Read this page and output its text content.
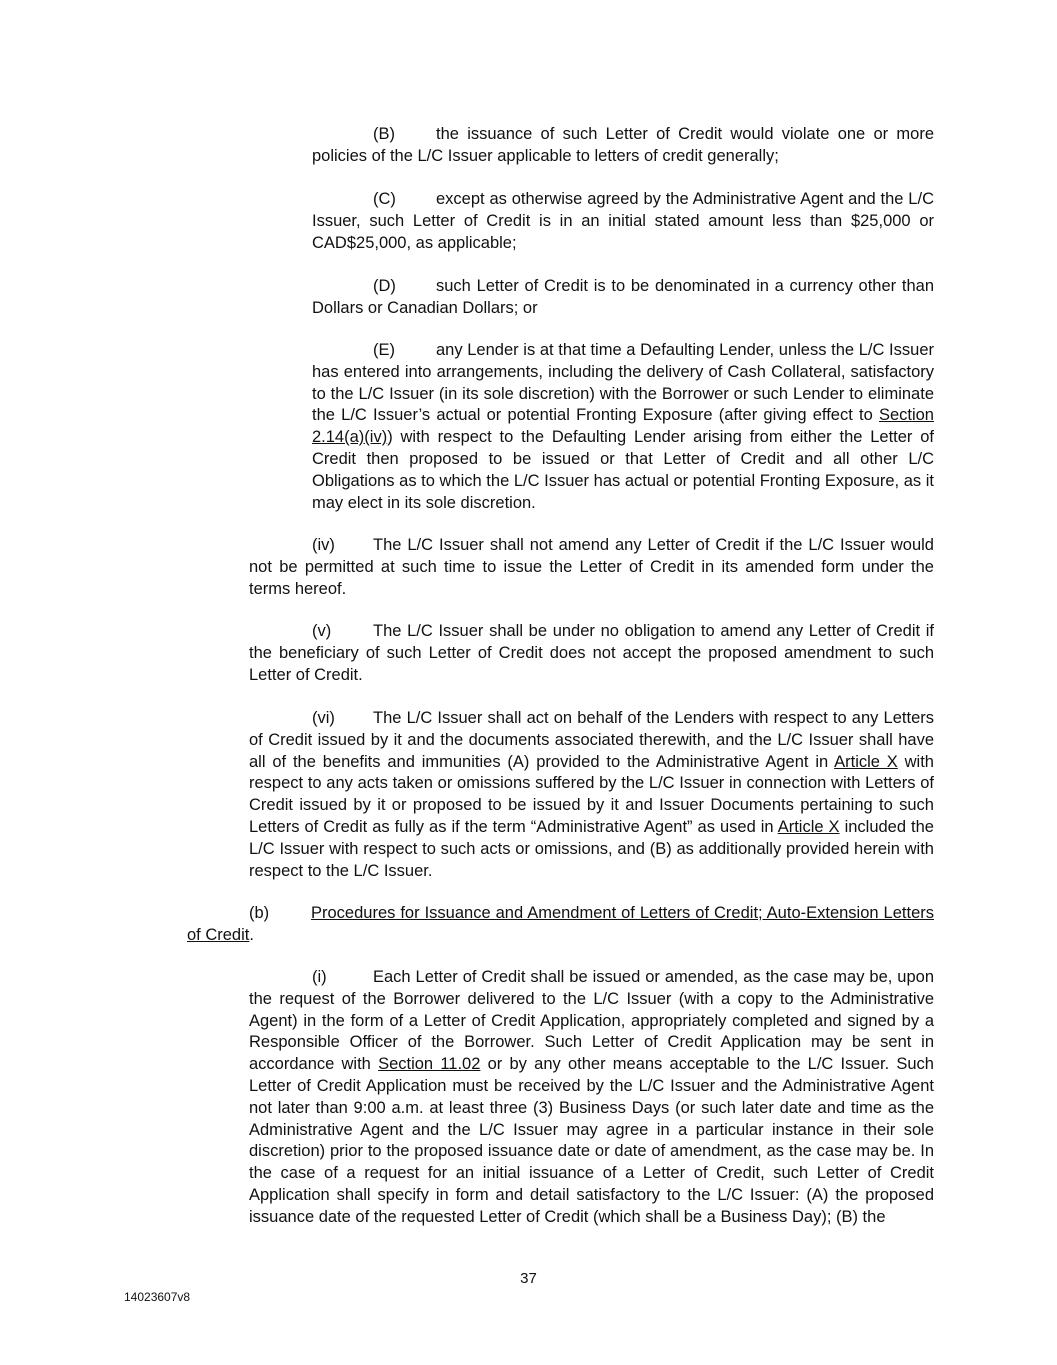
(B) the issuance of such Letter of Credit would violate one or more policies of the L/C Issuer applicable to letters of credit generally;

(C) except as otherwise agreed by the Administrative Agent and the L/C Issuer, such Letter of Credit is in an initial stated amount less than $25,000 or CAD$25,000, as applicable;

(D) such Letter of Credit is to be denominated in a currency other than Dollars or Canadian Dollars; or

(E) any Lender is at that time a Defaulting Lender, unless the L/C Issuer has entered into arrangements, including the delivery of Cash Collateral, satisfactory to the L/C Issuer (in its sole discretion) with the Borrower or such Lender to eliminate the L/C Issuer’s actual or potential Fronting Exposure (after giving effect to Section 2.14(a)(iv)) with respect to the Defaulting Lender arising from either the Letter of Credit then proposed to be issued or that Letter of Credit and all other L/C Obligations as to which the L/C Issuer has actual or potential Fronting Exposure, as it may elect in its sole discretion.

(iv) The L/C Issuer shall not amend any Letter of Credit if the L/C Issuer would not be permitted at such time to issue the Letter of Credit in its amended form under the terms hereof.

(v)	The L/C Issuer shall be under no obligation to amend any Letter of Credit if the beneficiary of such Letter of Credit does not accept the proposed amendment to such Letter of Credit.

(vi) The L/C Issuer shall act on behalf of the Lenders with respect to any Letters of Credit issued by it and the documents associated therewith, and the L/C Issuer shall have all of the benefits and immunities (A) provided to the Administrative Agent in Article X with respect to any acts taken or omissions suffered by the L/C Issuer in connection with Letters of Credit issued by it or proposed to be issued by it and Issuer Documents pertaining to such Letters of Credit as fully as if the term “Administrative Agent” as used in Article X included the L/C Issuer with respect to such acts or omissions, and (B) as additionally provided herein with respect to the L/C Issuer.

(b)	Procedures for Issuance and Amendment of Letters of Credit; Auto-Extension Letters of Credit.

(i)	Each Letter of Credit shall be issued or amended, as the case may be, upon the request of the Borrower delivered to the L/C Issuer (with a copy to the Administrative Agent) in the form of a Letter of Credit Application, appropriately completed and signed by a Responsible Officer of the Borrower. Such Letter of Credit Application may be sent in accordance with Section 11.02 or by any other means acceptable to the L/C Issuer. Such Letter of Credit Application must be received by the L/C Issuer and the Administrative Agent not later than 9:00 a.m. at least three (3) Business Days (or such later date and time as the Administrative Agent and the L/C Issuer may agree in a particular instance in their sole discretion) prior to the proposed issuance date or date of amendment, as the case may be. In the case of a request for an initial issuance of a Letter of Credit, such Letter of Credit Application shall specify in form and detail satisfactory to the L/C Issuer: (A) the proposed issuance date of the requested Letter of Credit (which shall be a Business Day); (B) the

37
14023607v8
